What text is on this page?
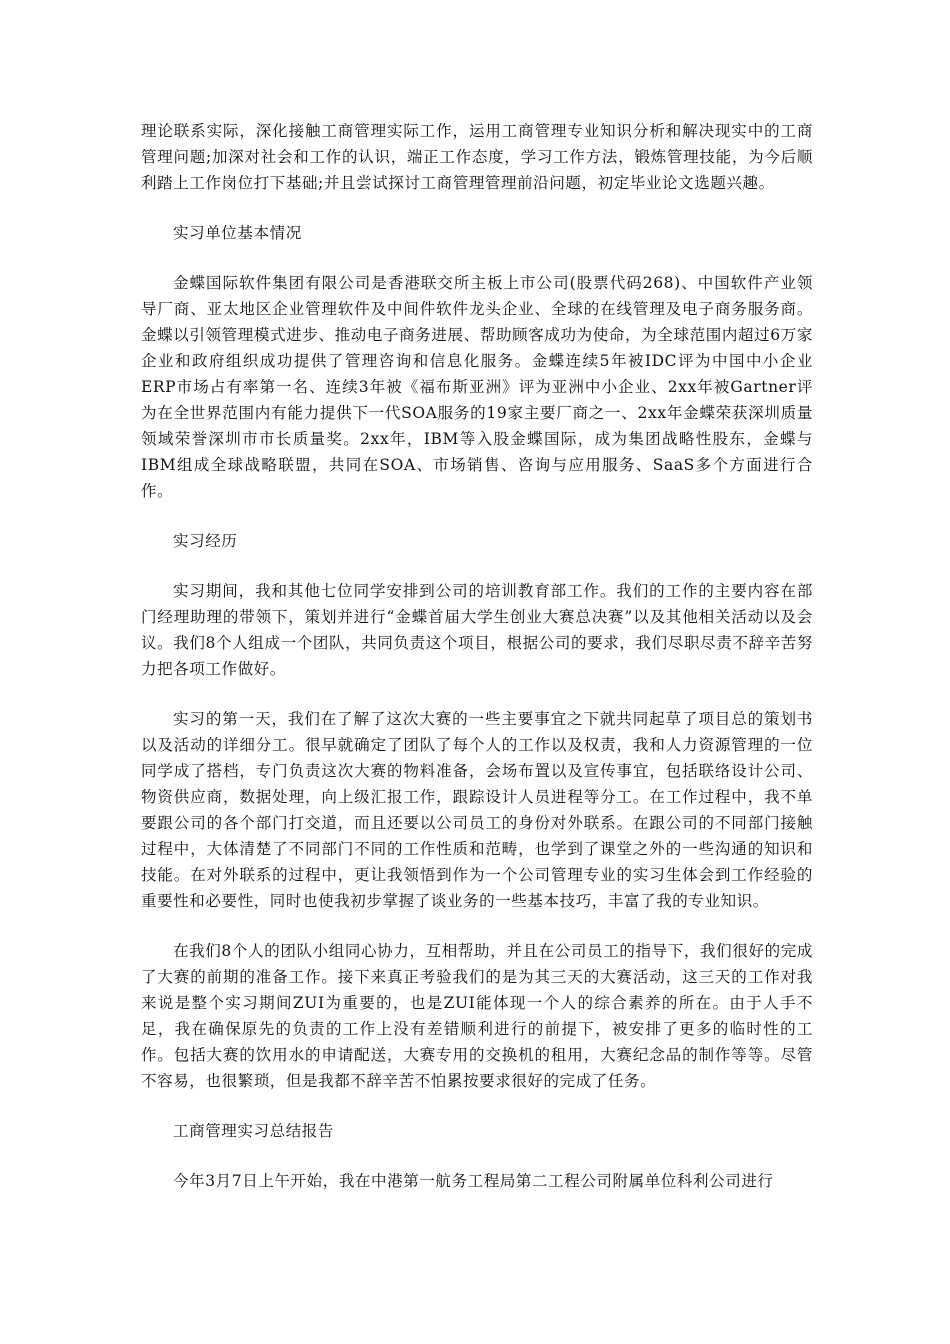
理论联系实际，深化接触工商管理实际工作，运用工商管理专业知识分析和解决现实中的工商管理问题;加深对社会和工作的认识，端正工作态度，学习工作方法，锻炼管理技能，为今后顺利踏上工作岗位打下基础;并且尝试探讨工商管理管理前沿问题，初定毕业论文选题兴趣。

实习单位基本情况

金蝶国际软件集团有限公司是香港联交所主板上市公司(股票代码268)、中国软件产业领导厂商、亚太地区企业管理软件及中间件软件龙头企业、全球的在线管理及电子商务服务商。金蝶以引领管理模式进步、推动电子商务进展、帮助顾客成功为使命，为全球范围内超过6万家企业和政府组织成功提供了管理咨询和信息化服务。金蝶连续5年被IDC评为中国中小企业ERP市场占有率第一名、连续3年被《福布斯亚洲》评为亚洲中小企业、2xx年被Gartner评为在全世界范围内有能力提供下一代SOA服务的19家主要厂商之一、2xx年金蝶荣获深圳质量领域荣誉深圳市市长质量奖。2xx年，IBM等入股金蝶国际，成为集团战略性股东，金蝶与IBM组成全球战略联盟，共同在SOA、市场销售、咨询与应用服务、SaaS多个方面进行合作。

实习经历

实习期间，我和其他七位同学安排到公司的培训教育部工作。我们的工作的主要内容在部门经理助理的带领下，策划并进行“金蝶首届大学生创业大赛总决赛”以及其他相关活动以及会议。我们8个人组成一个团队，共同负责这个项目，根据公司的要求，我们尽职尽责不辞辛苦努力把各项工作做好。

实习的第一天，我们在了解了这次大赛的一些主要事宜之下就共同起草了项目总的策划书以及活动的详细分工。很早就确定了团队了每个人的工作以及权责，我和人力资源管理的一位同学成了搭档，专门负责这次大赛的物料准备，会场布置以及宣传事宜，包括联络设计公司、物资供应商，数据处理，向上级汇报工作，跟踪设计人员进程等分工。在工作过程中，我不单要跟公司的各个部门打交道，而且还要以公司员工的身份对外联系。在跟公司的不同部门接触过程中，大体清楚了不同部门不同的工作性质和范畴，也学到了课堂之外的一些沟通的知识和技能。在对外联系的过程中，更让我领悟到作为一个公司管理专业的实习生体会到工作经验的重要性和必要性，同时也使我初步掌握了谈业务的一些基本技巧，丰富了我的专业知识。

在我们8个人的团队小组同心协力，互相帮助，并且在公司员工的指导下，我们很好的完成了大赛的前期的准备工作。接下来真正考验我们的是为其三天的大赛活动，这三天的工作对我来说是整个实习期间ZUI为重要的，也是ZUI能体现一个人的综合素养的所在。由于人手不足，我在确保原先的负责的工作上没有差错顺利进行的前提下，被安排了更多的临时性的工作。包括大赛的饮用水的申请配送，大赛专用的交换机的租用，大赛纪念品的制作等等。尽管不容易，也很繁琐，但是我都不辞辛苦不怕累按要求很好的完成了任务。

工商管理实习总结报告

今年3月7日上午开始，我在中港第一航务工程局第二工程公司附属单位科利公司进行
